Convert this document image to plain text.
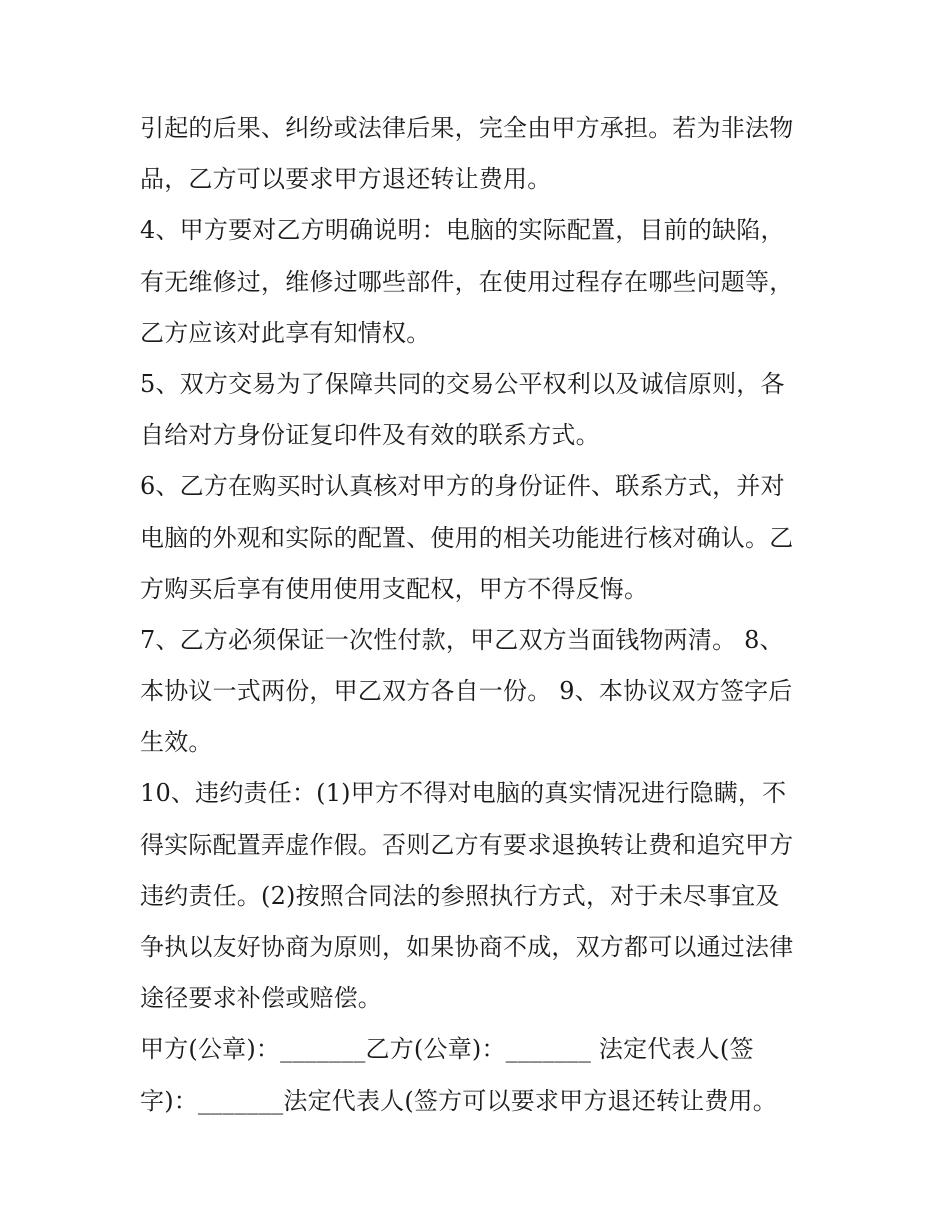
引起的后果、纠纷或法律后果，完全由甲方承担。若为非法物
品，乙方可以要求甲方退还转让费用。
4、甲方要对乙方明确说明：电脑的实际配置，目前的缺陷，
有无维修过，维修过哪些部件，在使用过程存在哪些问题等，
乙方应该对此享有知情权。
5、双方交易为了保障共同的交易公平权利以及诚信原则，各
自给对方身份证复印件及有效的联系方式。
6、乙方在购买时认真核对甲方的身份证件、联系方式，并对
电脑的外观和实际的配置、使用的相关功能进行核对确认。乙
方购买后享有使用使用支配权，甲方不得反悔。
7、乙方必须保证一次性付款，甲乙双方当面钱物两清。 8、
本协议一式两份，甲乙双方各自一份。 9、本协议双方签字后
生效。
10、违约责任：(1)甲方不得对电脑的真实情况进行隐瞒，不
得实际配置弄虚作假。否则乙方有要求退换转让费和追究甲方
违约责任。(2)按照合同法的参照执行方式，对于未尽事宜及
争执以友好协商为原则，如果协商不成，双方都可以通过法律
途径要求补偿或赔偿。
甲方(公章)：_______乙方(公章)：_______ 法定代表人(签
字)：_______法定代表人(签方可以要求甲方退还转让费用。
